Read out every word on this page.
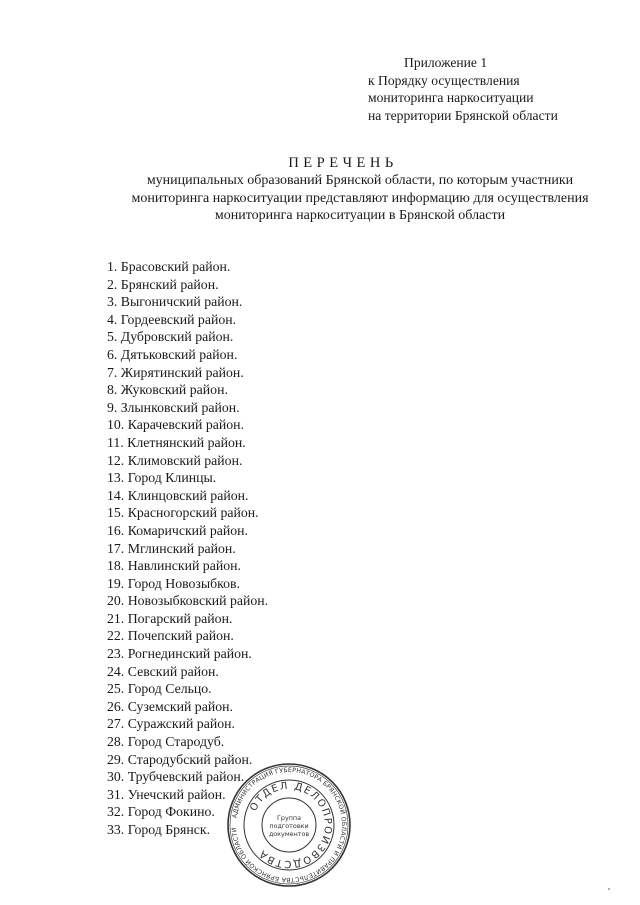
Приложение 1
к Порядку осуществления
мониторинга наркоситуации
на территории Брянской области
ПЕРЕЧЕНЬ
муниципальных образований Брянской области, по которым участники
мониторинга наркоситуации представляют информацию для осуществления
мониторинга наркоситуации в Брянской области
1. Брасовский район.
2. Брянский район.
3. Выгоничский район.
4. Гордеевский район.
5. Дубровский район.
6. Дятьковский район.
7. Жирятинский район.
8. Жуковский район.
9. Злынковский район.
10. Карачевский район.
11. Клетнянский район.
12. Климовский район.
13. Город Клинцы.
14. Клинцовский район.
15. Красногорский район.
16. Комаричский район.
17. Мглинский район.
18. Навлинский район.
19. Город Новозыбков.
20. Новозыбковский район.
21. Погарский район.
22. Почепский район.
23. Рогнединский район.
24. Севский район.
25. Город Сельцо.
26. Суземский район.
27. Суражский район.
28. Город Стародуб.
29. Стародубский район.
30. Трубчевский район.
31. Унечский район.
32. Город Фокино.
33. Город Брянск.
АДМИНИСТРАЦИЯ ГУБЕРНАТОРА БРЯНСКОЙ ОБЛАСТИ И ПРАВИТЕЛЬСТВА БРЯНСКОЙ ОБЛАСТИ
ОТДЕЛ ДЕЛОПРОИЗВОДСТВА
Группа
подготовки
документов
